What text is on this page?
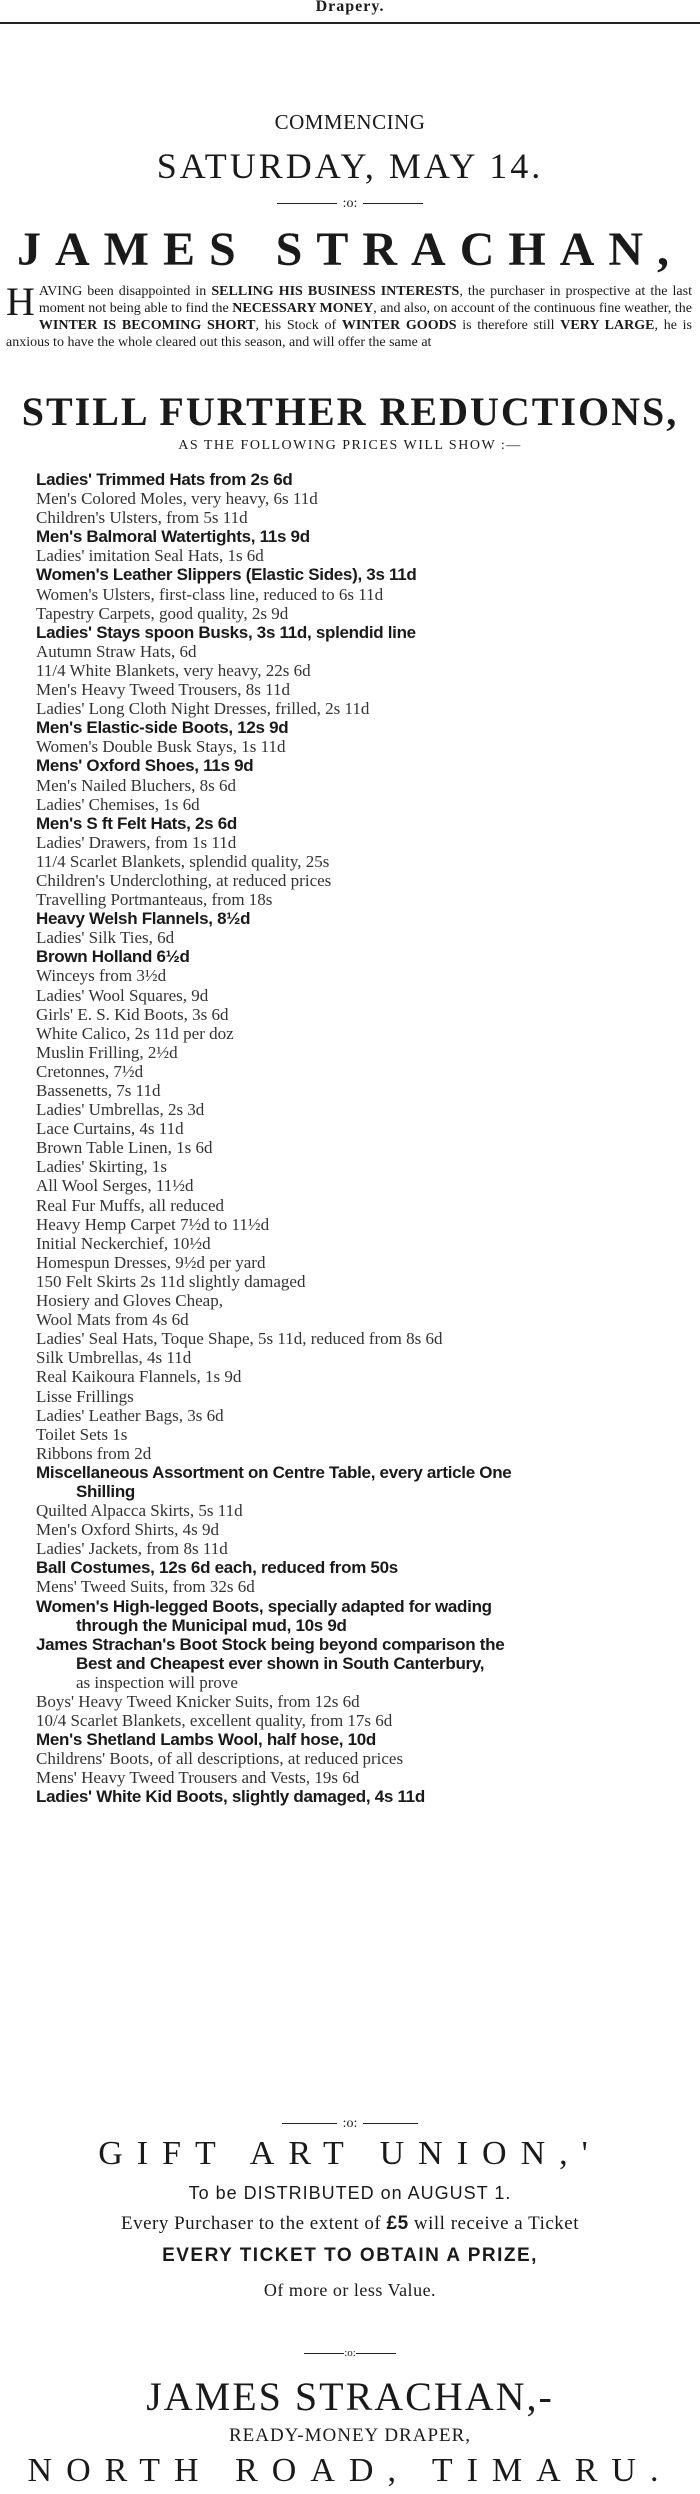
Drapery.
COMMENCING
SATURDAY, MAY 14.
:o:
JAMES STRACHAN,
HAVING been disappointed in SELLING HIS BUSINESS INTERESTS, the purchaser in prospective at the last moment not being able to find the NECESSARY MONEY, and also, on account of the continuous fine weather, the WINTER IS BECOMING SHORT, his Stock of WINTER GOODS is therefore still VERY LARGE, he is anxious to have the whole cleared out this season, and will offer the same at
STILL FURTHER REDUCTIONS,
AS THE FOLLOWING PRICES WILL SHOW :—
Ladies' Trimmed Hats from 2s 6d
Men's Colored Moles, very heavy, 6s 11d
Children's Ulsters, from 5s 11d
Men's Balmoral Watertights, 11s 9d
Ladies' imitation Seal Hats, 1s 6d
Women's Leather Slippers (Elastic Sides), 3s 11d
Women's Ulsters, first-class line, reduced to 6s 11d
Tapestry Carpets, good quality, 2s 9d
Ladies' Stays spoon Busks, 3s 11d, splendid line
Autumn Straw Hats, 6d
11/4 White Blankets, very heavy, 22s 6d
Men's Heavy Tweed Trousers, 8s 11d
Ladies' Long Cloth Night Dresses, frilled, 2s 11d
Men's Elastic-side Boots, 12s 9d
Women's Double Busk Stays, 1s 11d
Mens' Oxford Shoes, 11s 9d
Men's Nailed Bluchers, 8s 6d
Ladies' Chemises, 1s 6d
Men's S ft Felt Hats, 2s 6d
Ladies' Drawers, from 1s 11d
11/4 Scarlet Blankets, splendid quality, 25s
Children's Underclothing, at reduced prices
Travelling Portmanteaus, from 18s
Heavy Welsh Flannels, 8½d
Ladies' Silk Ties, 6d
Brown Holland 6½d
Winceys from 3½d
Ladies' Wool Squares, 9d
Girls' E. S. Kid Boots, 3s 6d
White Calico, 2s 11d per doz
Muslin Frilling, 2½d
Cretonnes, 7½d
Bassenetts, 7s 11d
Ladies' Umbrellas, 2s 3d
Lace Curtains, 4s 11d
Brown Table Linen, 1s 6d
Ladies' Skirting, 1s
All Wool Serges, 11½d
Real Fur Muffs, all reduced
Heavy Hemp Carpet 7½d to 11½d
Initial Neckerchief, 10½d
Homespun Dresses, 9½d per yard
150 Felt Skirts 2s 11d slightly damaged
Hosiery and Gloves Cheap,
Wool Mats from 4s 6d
Ladies' Seal Hats, Toque Shape, 5s 11d, reduced from 8s 6d
Silk Umbrellas, 4s 11d
Real Kaikoura Flannels, 1s 9d
Lisse Frillings
Ladies' Leather Bags, 3s 6d
Toilet Sets 1s
Ribbons from 2d
Miscellaneous Assortment on Centre Table, every article One
Shilling
Quilted Alpacca Skirts, 5s 11d
Men's Oxford Shirts, 4s 9d
Ladies' Jackets, from 8s 11d
Ball Costumes, 12s 6d each, reduced from 50s
Mens' Tweed Suits, from 32s 6d
Women's High-legged Boots, specially adapted for wading
through the Municipal mud, 10s 9d
James Strachan's Boot Stock being beyond comparison the
Best and Cheapest ever shown in South Canterbury,
as inspection will prove
Boys' Heavy Tweed Knicker Suits, from 12s 6d
10/4 Scarlet Blankets, excellent quality, from 17s 6d
Men's Shetland Lambs Wool, half hose, 10d
Childrens' Boots, of all descriptions, at reduced prices
Mens' Heavy Tweed Trousers and Vests, 19s 6d
Ladies' White Kid Boots, slightly damaged, 4s 11d
:o:
GIFT ART UNION,'
To be DISTRIBUTED on AUGUST 1.
Every Purchaser to the extent of £5 will receive a Ticket
EVERY TICKET TO OBTAIN A PRIZE,
Of more or less Value.
:o:
JAMES STRACHAN,-
READY-MONEY DRAPER,
NORTH ROAD, TIMARU.
